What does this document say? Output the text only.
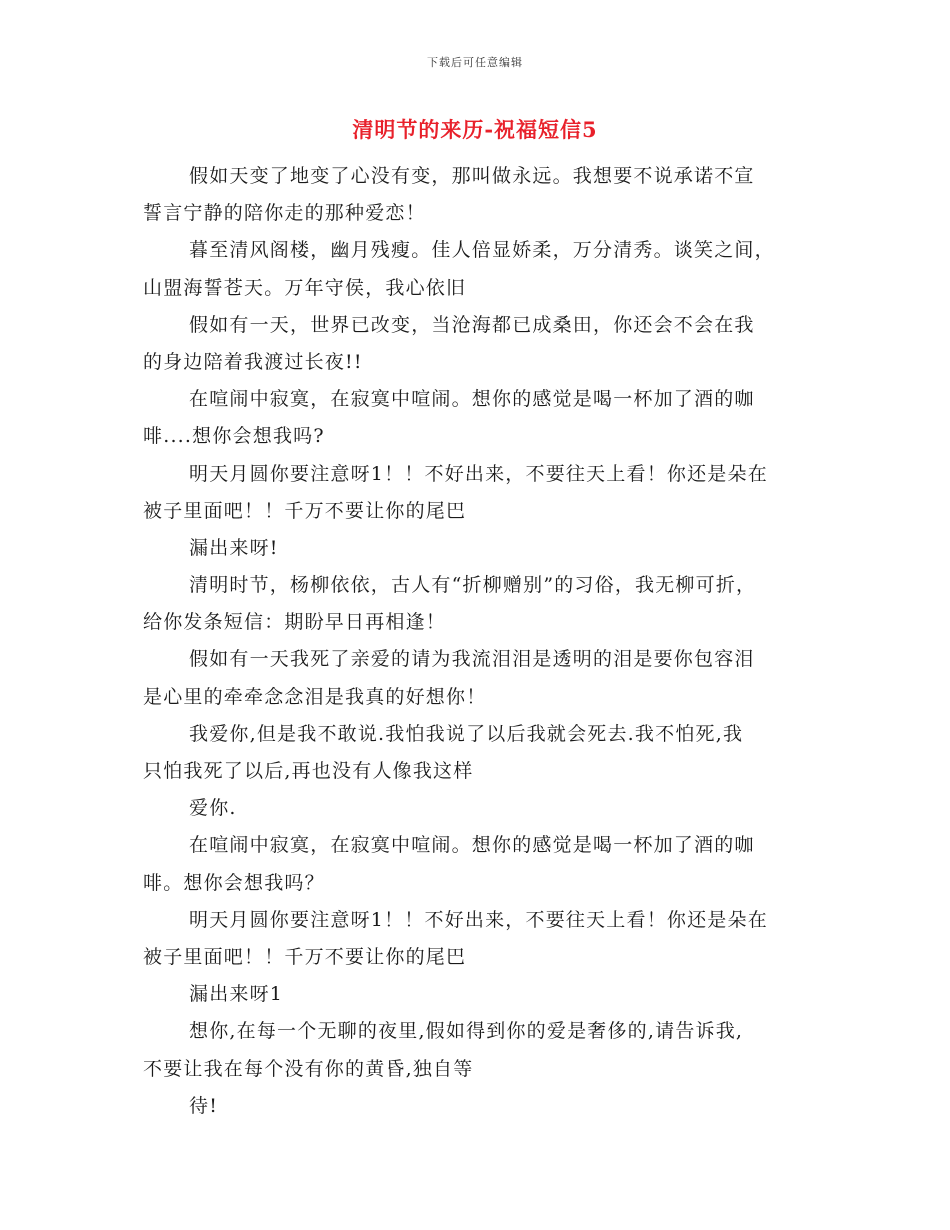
下载后可任意编辑
清明节的来历-祝福短信5
假如天变了地变了心没有变，那叫做永远。我想要不说承诺不宣
誓言宁静的陪你走的那种爱恋！
暮至清风阁楼，幽月残瘦。佳人倍显娇柔，万分清秀。谈笑之间，
山盟海誓苍天。万年守侯，我心依旧
假如有一天，世界已改变，当沧海都已成桑田，你还会不会在我
的身边陪着我渡过长夜!!
在喧闹中寂寞，在寂寞中喧闹。想你的感觉是喝一杯加了酒的咖
啡....想你会想我吗?
明天月圆你要注意呀1！！不好出来，不要往天上看！你还是朵在
被子里面吧！！千万不要让你的尾巴
漏出来呀!
清明时节，杨柳依依，古人有“折柳赠别”的习俗，我无柳可折，
给你发条短信：期盼早日再相逢！
假如有一天我死了亲爱的请为我流泪泪是透明的泪是要你包容泪
是心里的牵牵念念泪是我真的好想你！
我爱你,但是我不敢说.我怕我说了以后我就会死去.我不怕死,我
只怕我死了以后,再也没有人像我这样
爱你.
在喧闹中寂寞，在寂寞中喧闹。想你的感觉是喝一杯加了酒的咖
啡。想你会想我吗？
明天月圆你要注意呀1！！不好出来，不要往天上看！你还是朵在
被子里面吧！！千万不要让你的尾巴
漏出来呀1
想你,在每一个无聊的夜里,假如得到你的爱是奢侈的,请告诉我,
不要让我在每个没有你的黄昏,独自等
待!
